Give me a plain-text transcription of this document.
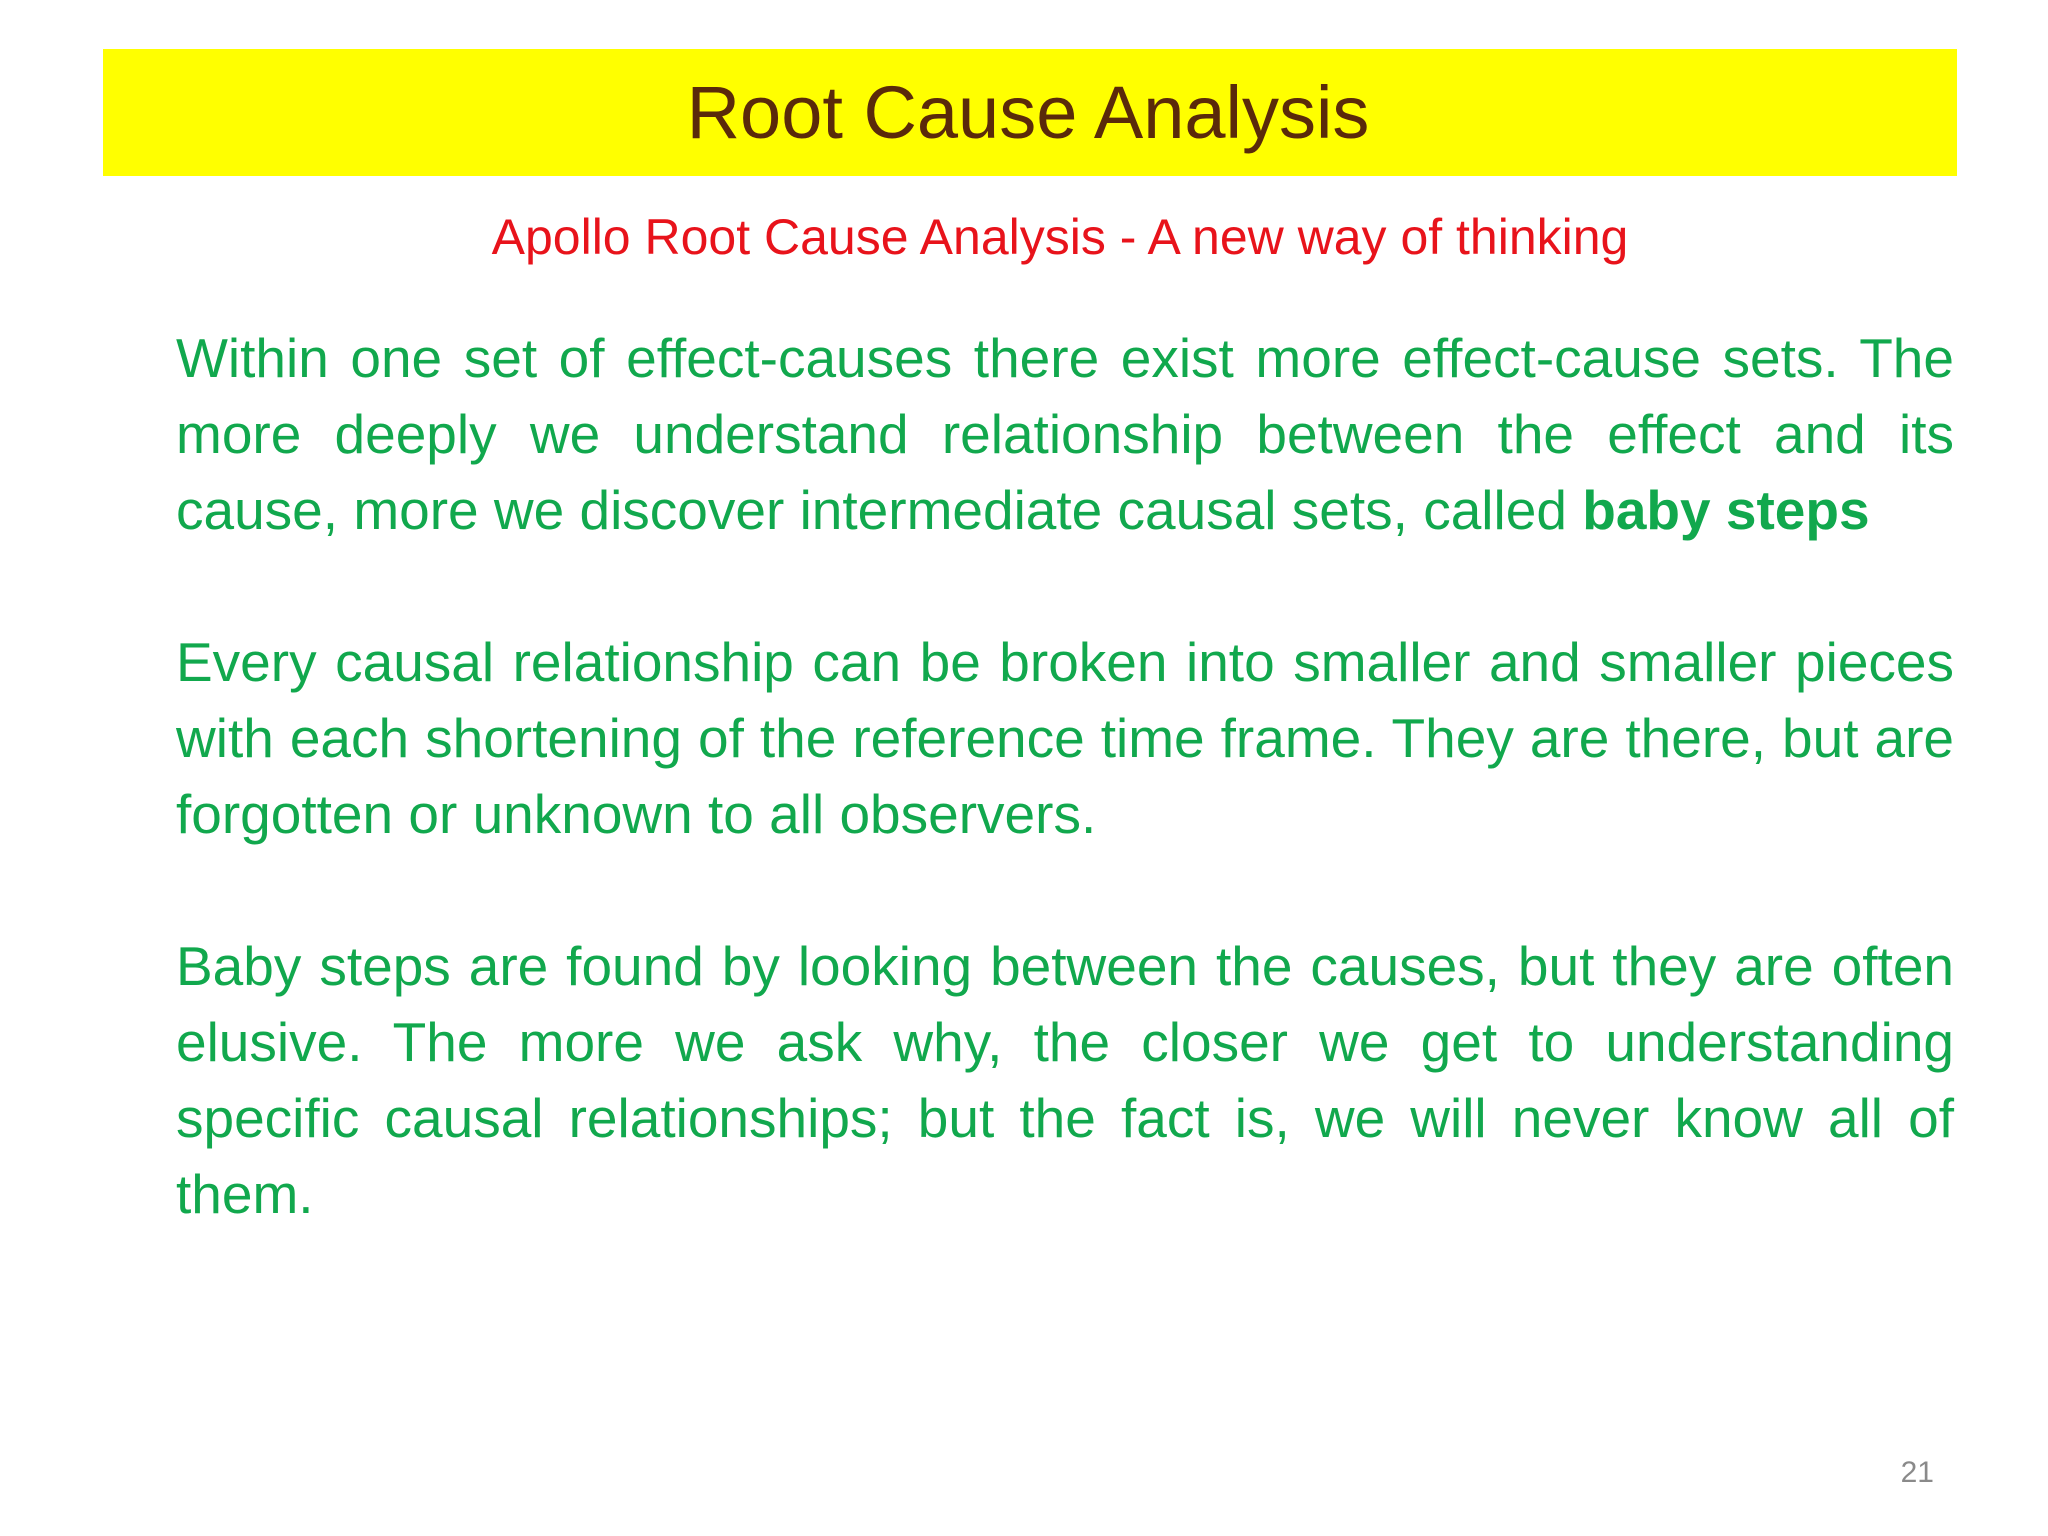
Root Cause Analysis
Apollo Root Cause Analysis - A new way of thinking

Within one set of effect-causes there exist more effect-cause sets. The more deeply we understand relationship between the effect and its cause, more we discover intermediate causal sets, called baby steps

Every causal relationship can be broken into smaller and smaller pieces with each shortening of the reference time frame. They are there, but are forgotten or unknown to all observers.

Baby steps are found by looking between the causes, but they are often elusive. The more we ask why, the closer we get to understanding specific causal relationships; but the fact is, we will never know all of them.

21
